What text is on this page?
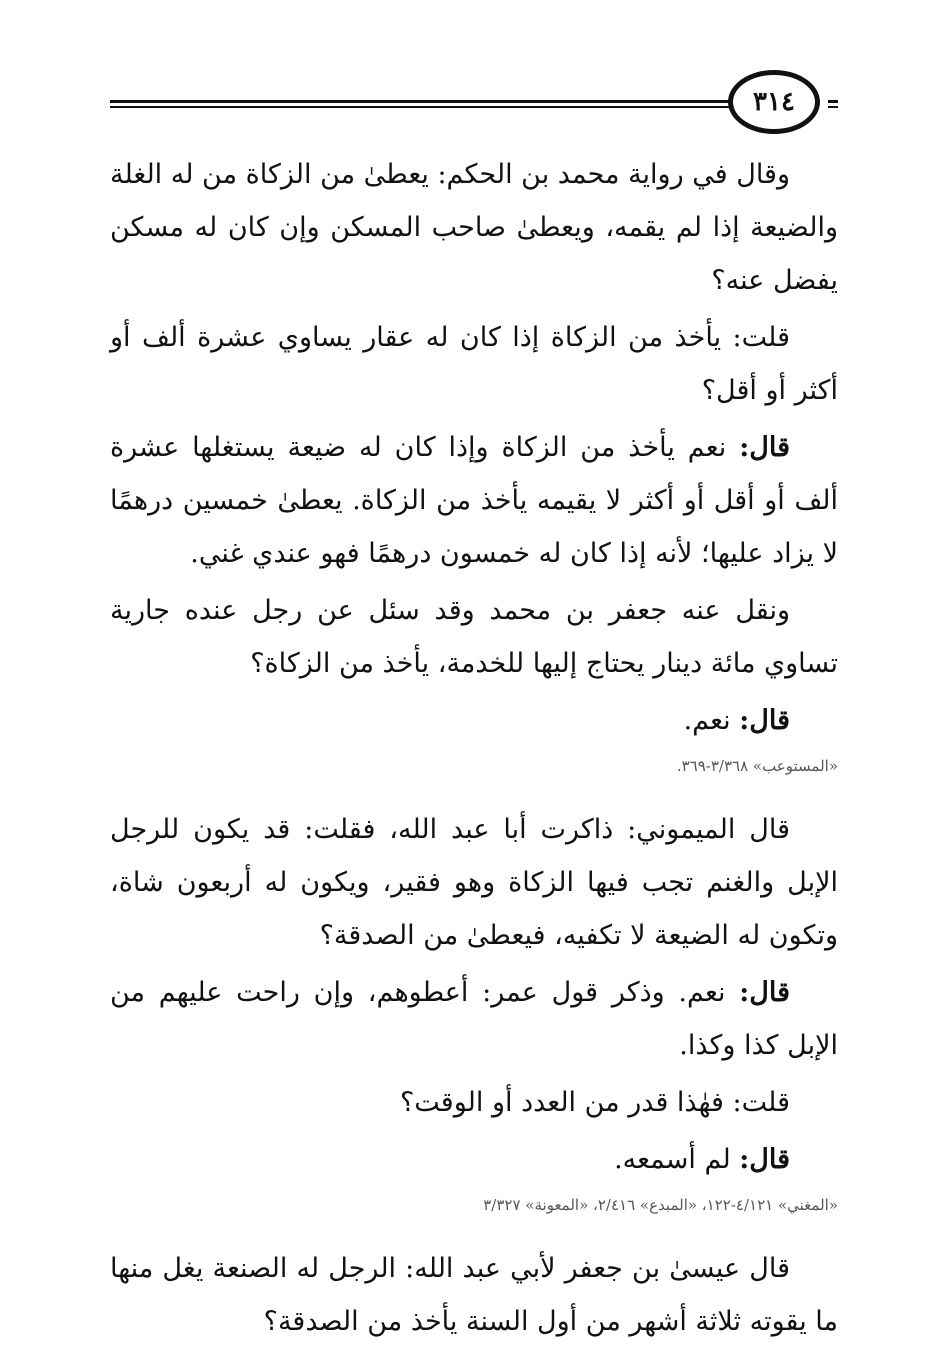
٣١٤

وقال في رواية محمد بن الحكم: يعطىٰ من الزكاة من له الغلة والضيعة إذا لم يقمه، ويعطىٰ صاحب المسكن وإن كان له مسكن يفضل عنه؟

قلت: يأخذ من الزكاة إذا كان له عقار يساوي عشرة ألف أو أكثر أو أقل؟

قال: نعم يأخذ من الزكاة وإذا كان له ضيعة يستغلها عشرة ألف أو أقل أو أكثر لا يقيمه يأخذ من الزكاة. يعطىٰ خمسين درهمًا لا يزاد عليها؛ لأنه إذا كان له خمسون درهمًا فهو عندي غني.

ونقل عنه جعفر بن محمد وقد سئل عن رجل عنده جارية تساوي مائة دينار يحتاج إليها للخدمة، يأخذ من الزكاة؟

قال: نعم.

«المستوعب» ٣/٣٦٨-٣٦٩.

قال الميموني: ذاكرت أبا عبد الله، فقلت: قد يكون للرجل الإبل والغنم تجب فيها الزكاة وهو فقير، ويكون له أربعون شاة، وتكون له الضيعة لا تكفيه، فيعطىٰ من الصدقة؟

قال: نعم. وذكر قول عمر: أعطوهم، وإن راحت عليهم من الإبل كذا وكذا.

قلت: فهٰذا قدر من العدد أو الوقت؟

قال: لم أسمعه.

«المغني» ٤/١٢١-١٢٢، «المبدع» ٢/٤١٦، «المعونة» ٣/٣٢٧

قال عيسىٰ بن جعفر لأبي عبد الله: الرجل له الصنعة يغل منها ما يقوته ثلاثة أشهر من أول السنة يأخذ من الصدقة؟
